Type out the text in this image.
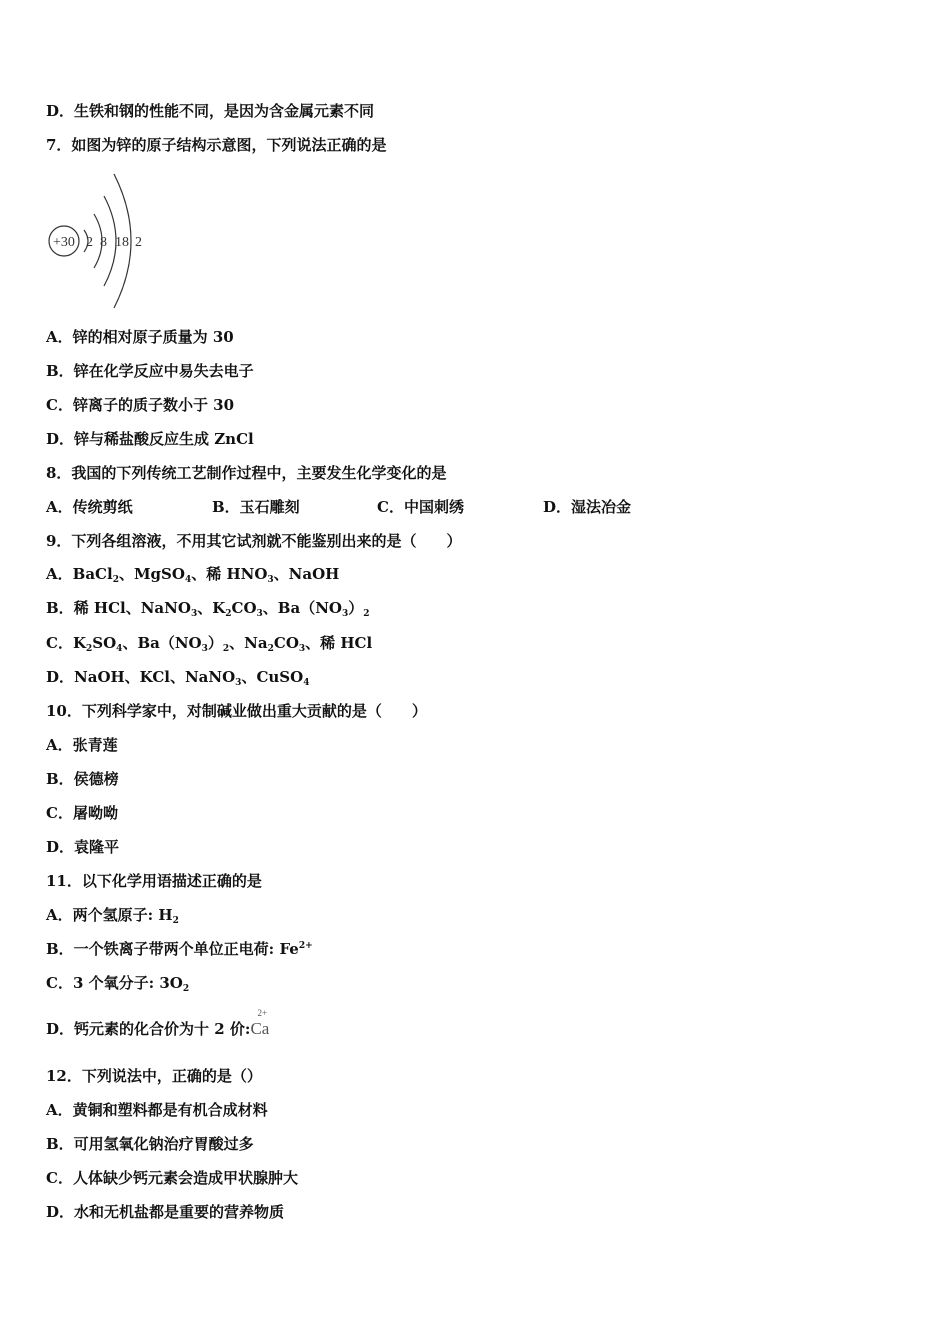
D．生铁和钢的性能不同，是因为含金属元素不同
7．如图为锌的原子结构示意图，下列说法正确的是
+30 2 8 18 2
A．锌的相对原子质量为 30
B．锌在化学反应中易失去电子
C．锌离子的质子数小于 30
D．锌与稀盐酸反应生成 ZnCl
8．我国的下列传统工艺制作过程中，主要发生化学变化的是
A．传统剪纸	B．玉石雕刻	C．中国刺绣	D．湿法冶金
9．下列各组溶液，不用其它试剂就不能鉴别出来的是（　　）
A．BaCl$_2$、MgSO$_4$、稀 $HNO_3$、NaOH
B．稀 HCl、NaNO$_3$、$K_2CO_3$、$Ba(NO_3)_2$
C．$K_2SO_4$、$Ba(NO_3)_2$、$Na_2CO_3$、稀 HCl
D．NaOH、KCl、NaNO$_3$、CuSO$_4$
10．下列科学家中，对制碱业做出重大贡献的是（　　）
A．张青莲
B．侯德榜
C．屠呦呦
D．袁隆平
11．以下化学用语描述正确的是
A．两个氢原子: $H_2$
B．一个铁离子带两个单位正电荷: $Fe^{2+}$
C．3 个氧分子: $3O_2$
D．钙元素的化合价为十 2 价:
2+
Ca
12．下列说法中，正确的是（）
A．黄铜和塑料都是有机合成材料
B．可用氢氧化钠治疗胃酸过多
C．人体缺少钙元素会造成甲状腺肿大
D．水和无机盐都是重要的营养物质
